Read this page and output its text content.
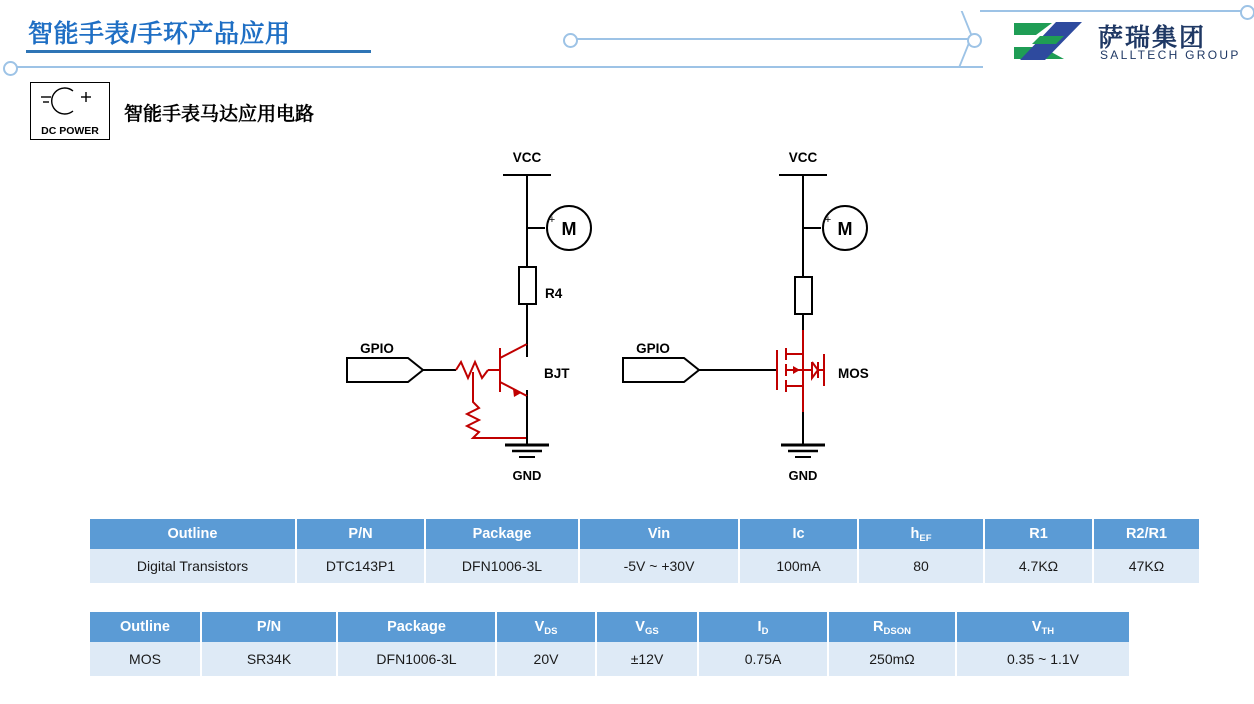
智能手表/手环产品应用	萨瑞集团
SALLTECH GROUP
DC POWER
智能手表马达应用电路
M
+
VCC
R4
GPIO
BJT
GND
M
+
VCC
GPIO
MOS
GND
Outline	P/N	Package	Vin	Ic	$h_{EF}$	R1	R2/R1
Digital Transistors	DTC143P1	DFN1006-3L	-5V ~ +30V	100mA	80	4.7KΩ	47KΩ
Outline	P/N	Package	$V_{DS}$	$V_{GS}$	$I_D$	$R_{DSON}$	$V_{TH}$
MOS	SR34K	DFN1006-3L	20V	±12V	0.75A	250mΩ	0.35 ~ 1.1V
